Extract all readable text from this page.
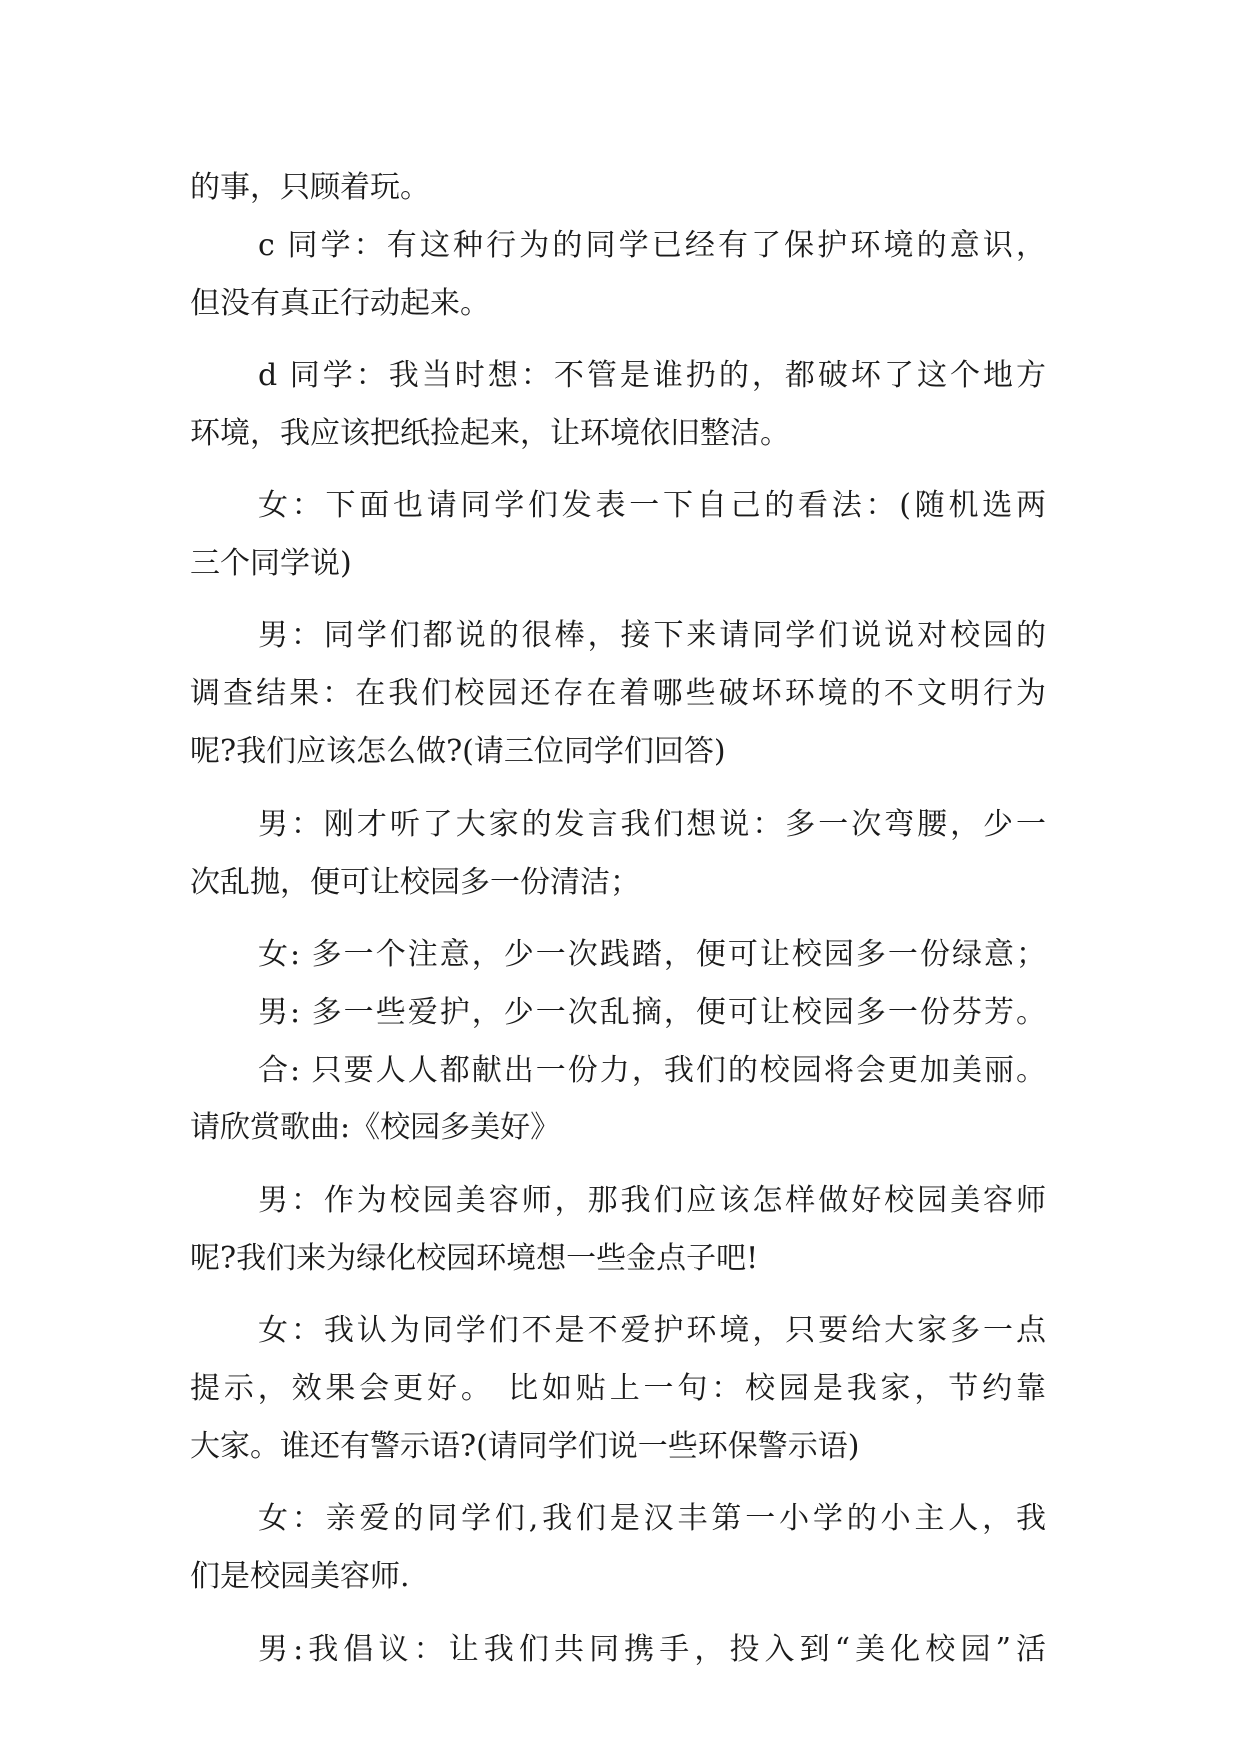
的事，只顾着玩。
c 同学：有这种行为的同学已经有了保护环境的意识，
但没有真正行动起来。
d 同学：我当时想：不管是谁扔的，都破坏了这个地方
环境，我应该把纸捡起来，让环境依旧整洁。
女：下面也请同学们发表一下自己的看法：(随机选两
三个同学说)
男：同学们都说的很棒，接下来请同学们说说对校园的
调查结果：在我们校园还存在着哪些破坏环境的不文明行为
呢?我们应该怎么做?(请三位同学们回答)
男：刚才听了大家的发言我们想说：多一次弯腰，少一
次乱抛，便可让校园多一份清洁；
女: 多一个注意，少一次践踏，便可让校园多一份绿意；
男: 多一些爱护，少一次乱摘，便可让校园多一份芬芳。
合: 只要人人都献出一份力，我们的校园将会更加美丽。
请欣赏歌曲:《校园多美好》
男：作为校园美容师，那我们应该怎样做好校园美容师
呢?我们来为绿化校园环境想一些金点子吧!
女：我认为同学们不是不爱护环境，只要给大家多一点
提示，效果会更好。 比如贴上一句：校园是我家，节约靠
大家。谁还有警示语?(请同学们说一些环保警示语)
女：亲爱的同学们,我们是汉丰第一小学的小主人，我
们是校园美容师.
男:我倡议：让我们共同携手，投入到“美化校园”活
